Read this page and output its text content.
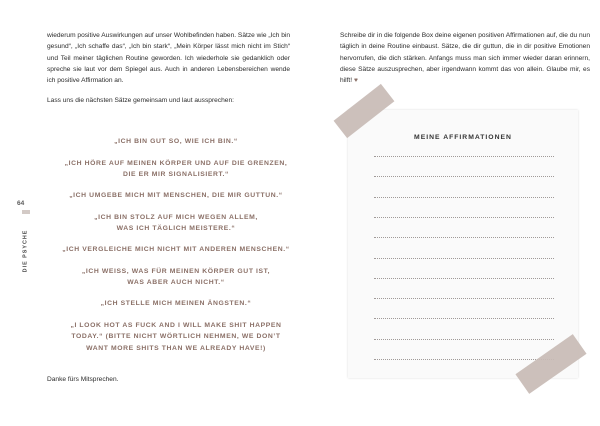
wiederum positive Auswirkungen auf unser Wohlbefinden haben. Sätze wie „Ich bin gesund“, „Ich schaffe das“, „Ich bin stark“, „Mein Körper lässt mich nicht im Stich“ und Teil meiner täglichen Routine geworden. Ich wiederhole sie gedanklich oder spreche sie laut vor dem Spiegel aus. Auch in anderen Lebensbereichen wende ich positive Affirmation an.

Lass uns die nächsten Sätze gemeinsam und laut aussprechen:
„ICH BIN GUT SO, WIE ICH BIN.“
„ICH HÖRE AUF MEINEN KÖRPER UND AUF DIE GRENZEN,
DIE ER MIR SIGNALISIERT.“
„ICH UMGEBE MICH MIT MENSCHEN, DIE MIR GUTTUN.“
„ICH BIN STOLZ AUF MICH WEGEN ALLEM,
WAS ICH TÄGLICH MEISTERE.“
„ICH VERGLEICHE MICH NICHT MIT ANDEREN MENSCHEN.“
„ICH WEISS, WAS FÜR MEINEN KÖRPER GUT IST,
WAS ABER AUCH NICHT.“
„ICH STELLE MICH MEINEN ÄNGSTEN.“
„I LOOK HOT AS FUCK AND I WILL MAKE SHIT HAPPEN
TODAY.“ (BITTE NICHT WÖRTLICH NEHMEN, WE DON’T
WANT MORE SHITS THAN WE ALREADY HAVE!)
Danke fürs Mitsprechen.
64
DIE PSYCHE
Schreibe dir in die folgende Box deine eigenen positiven Affirmationen auf, die du nun täglich in deine Routine einbaust. Sätze, die dir guttun, die in dir positive Emotionen hervorrufen, die dich stärken. Anfangs muss man sich immer wieder daran erinnern, diese Sätze auszusprechen, aber irgendwann kommt das von allein. Glaube mir, es hilft! ♥
MEINE AFFIRMATIONEN
